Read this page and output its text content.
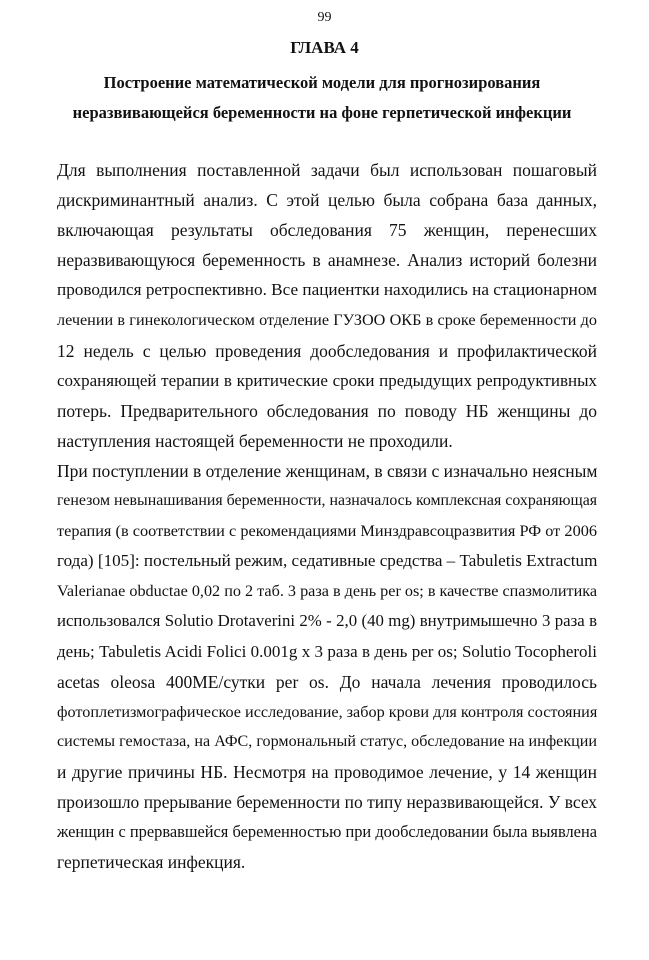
99
ГЛАВА 4
Построение математической модели для прогнозирования
неразвивающейся беременности на фоне герпетической инфекции

Для выполнения поставленной задачи был использован пошаговый
дискриминантный анализ. С этой целью была собрана база данных,
включающая результаты обследования 75 женщин, перенесших
неразвивающуюся беременность в анамнезе. Анализ историй болезни
проводился ретроспективно. Все пациентки находились на стационарном
лечении в гинекологическом отделение ГУЗОО ОКБ в сроке беременности до
12 недель с целью проведения дообследования и профилактической
сохраняющей терапии в критические сроки предыдущих репродуктивных
потерь. Предварительного обследования по поводу НБ женщины до
наступления настоящей беременности не проходили.

При поступлении в отделение женщинам, в связи с изначально неясным
генезом невынашивания беременности, назначалось комплексная сохраняющая
терапия (в соответствии с рекомендациями Минздравсоцразвития РФ от 2006
года) [105]: постельный режим, седативные средства – Tabuletis Extractum
Valerianae obductae 0,02 по 2 таб. 3 раза в день per os; в качестве спазмолитика
использовался Solutio Drotaverini 2% - 2,0 (40 mg) внутримышечно 3 раза в
день; Tabuletis Acidi Folici 0.001g x 3 раза в день per os; Solutio Tocopheroli
acetas oleosa 400МЕ/сутки per os. До начала лечения проводилось
фотоплетизмографическое исследование, забор крови для контроля состояния
системы гемостаза, на АФС, гормональный статус, обследование на инфекции
и другие причины НБ. Несмотря на проводимое лечение, у 14 женщин
произошло прерывание беременности по типу неразвивающейся. У всех
женщин с прервавшейся беременностью при дообследовании была выявлена
герпетическая инфекция.
